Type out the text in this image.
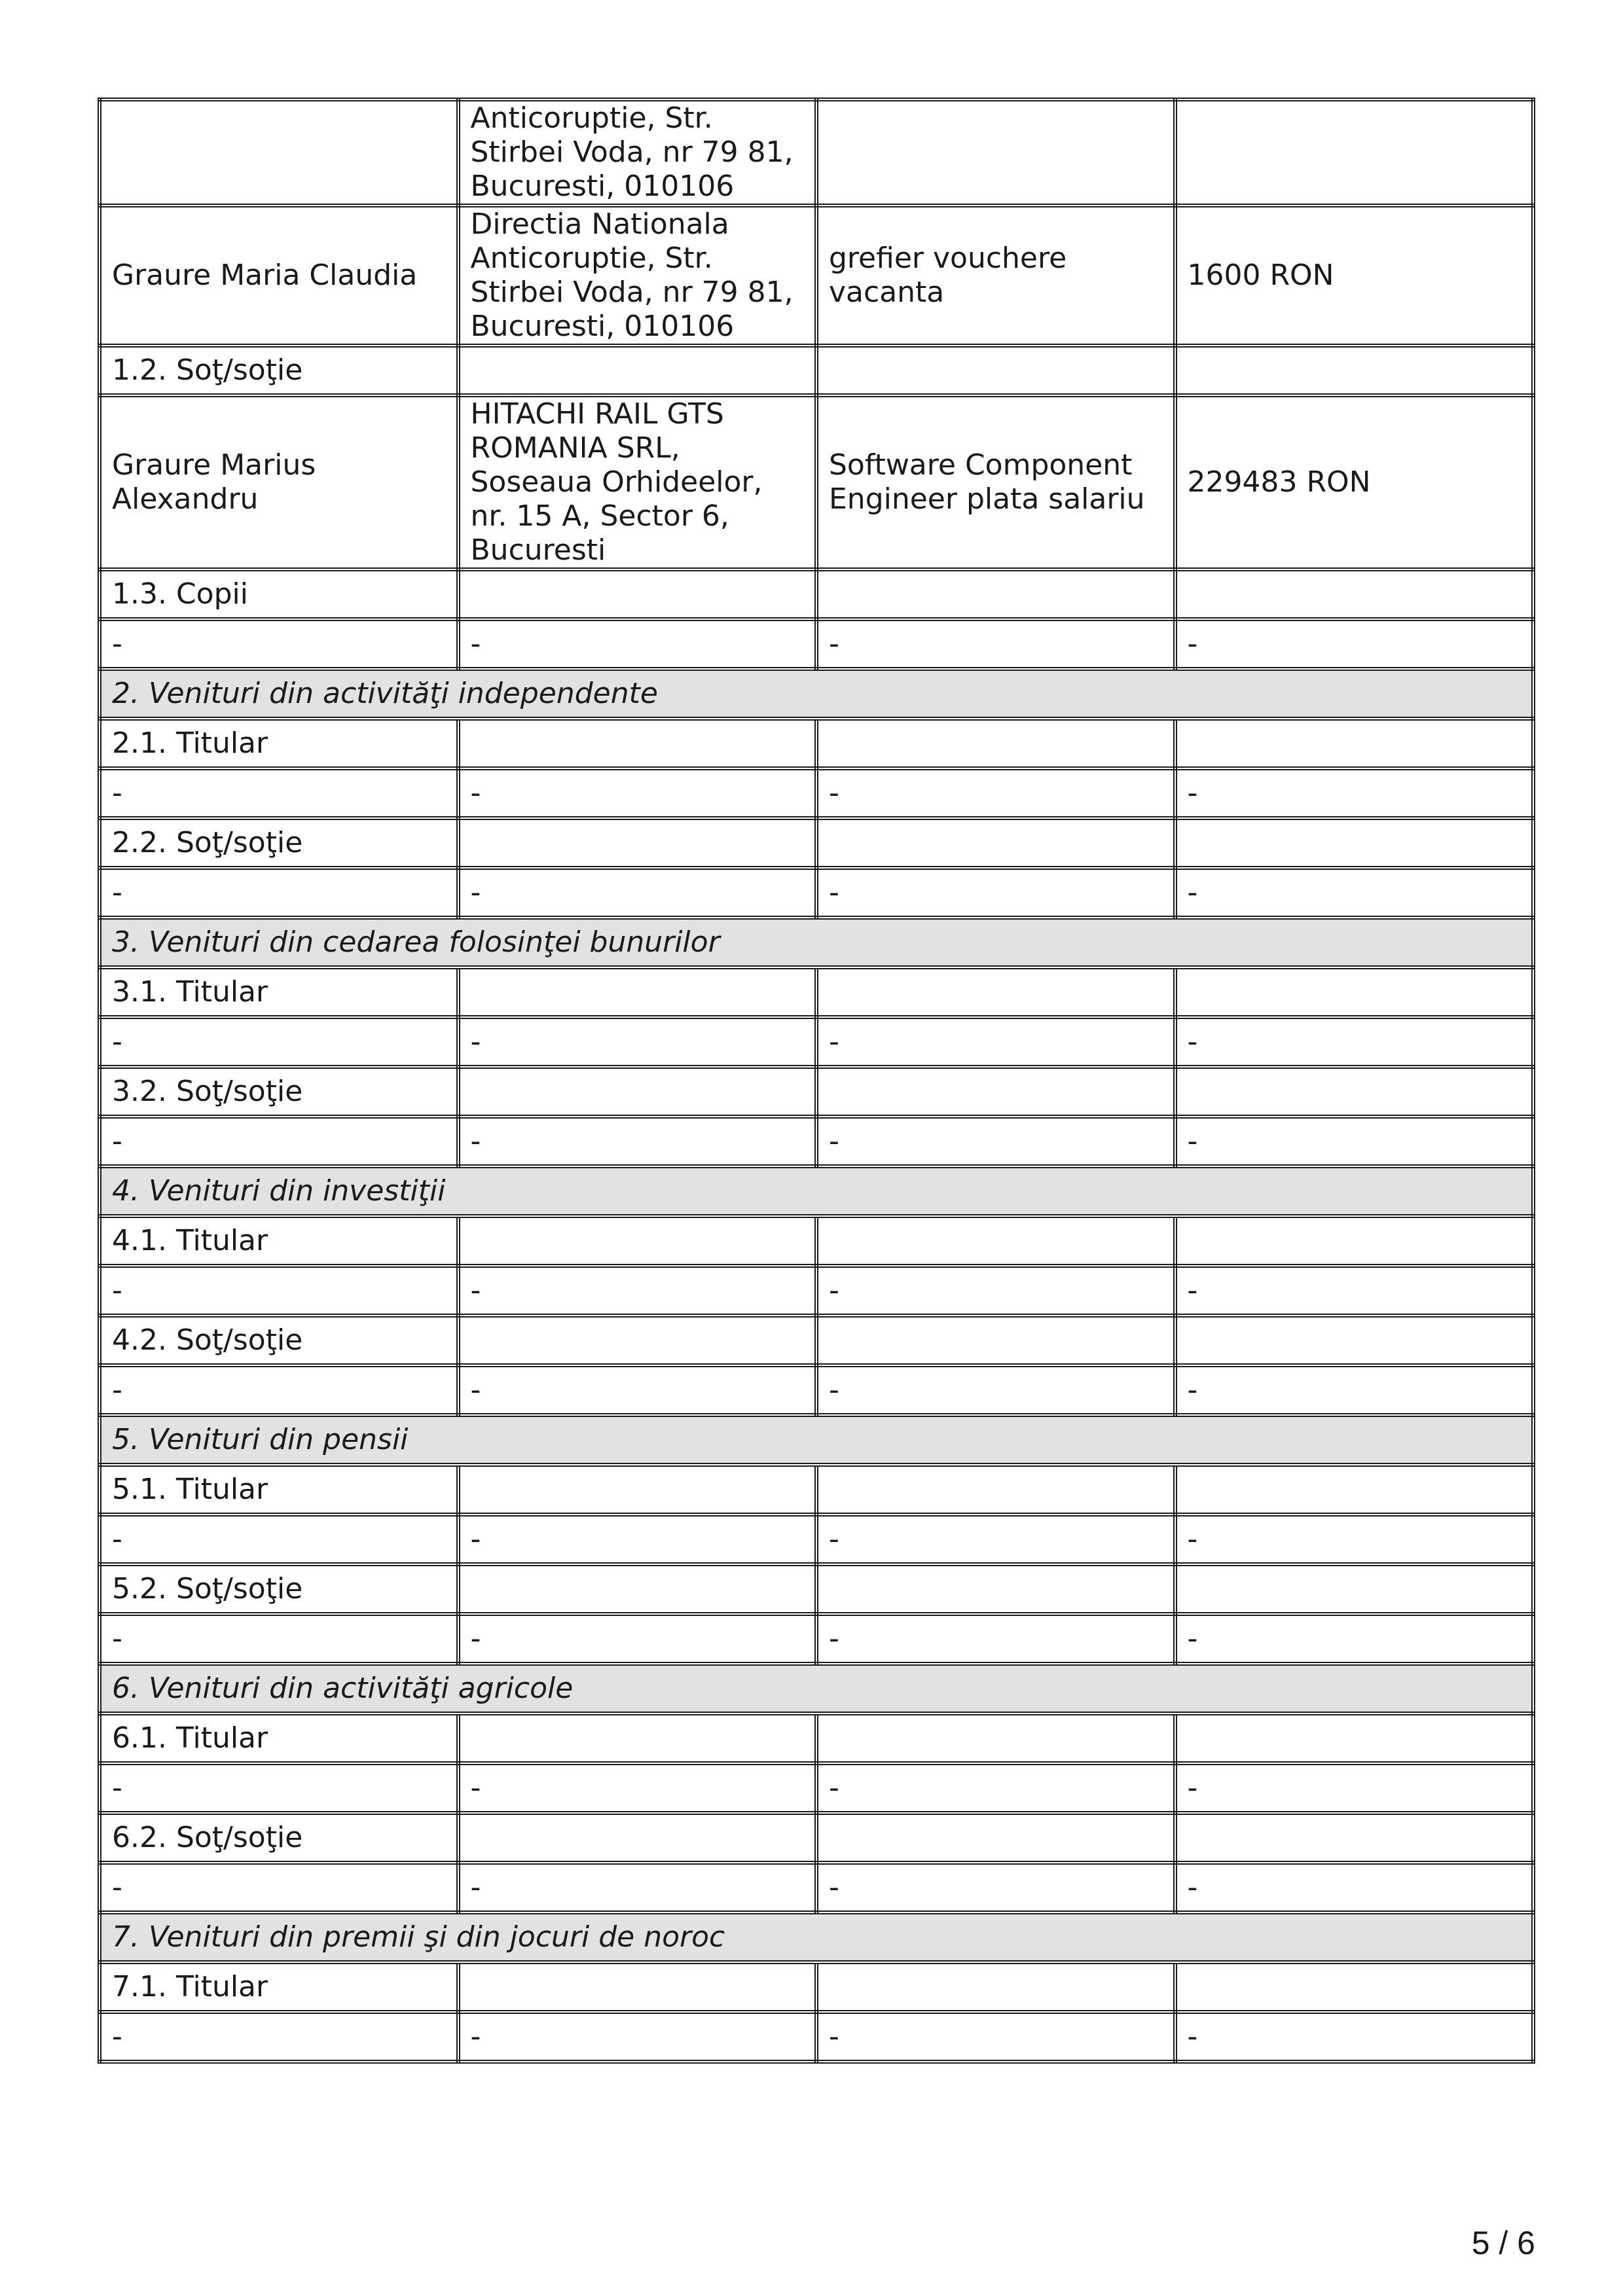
	Anticoruptie, Str. Stirbei Voda, nr 79 81, Bucuresti, 010106		
Graure Maria Claudia	Directia Nationala Anticoruptie, Str. Stirbei Voda, nr 79 81, Bucuresti, 010106	grefier vouchere vacanta	1600 RON
1.2. Soţ/soţie			
Graure Marius Alexandru	HITACHI RAIL GTS ROMANIA SRL, Soseaua Orhideelor, nr. 15 A, Sector 6, Bucuresti	Software Component Engineer plata salariu	229483 RON
1.3. Copii			
-	-	-	-
2. Venituri din activităţi independente			
2.1. Titular			
-	-	-	-
2.2. Soţ/soţie			
-	-	-	-
3. Venituri din cedarea folosinţei bunurilor			
3.1. Titular			
-	-	-	-
3.2. Soţ/soţie			
-	-	-	-
4. Venituri din investiţii			
4.1. Titular			
-	-	-	-
4.2. Soţ/soţie			
-	-	-	-
5. Venituri din pensii			
5.1. Titular			
-	-	-	-
5.2. Soţ/soţie			
-	-	-	-
6. Venituri din activităţi agricole			
6.1. Titular			
-	-	-	-
6.2. Soţ/soţie			
-	-	-	-
7. Venituri din premii şi din jocuri de noroc			
7.1. Titular			
-	-	-	-
5 / 6
